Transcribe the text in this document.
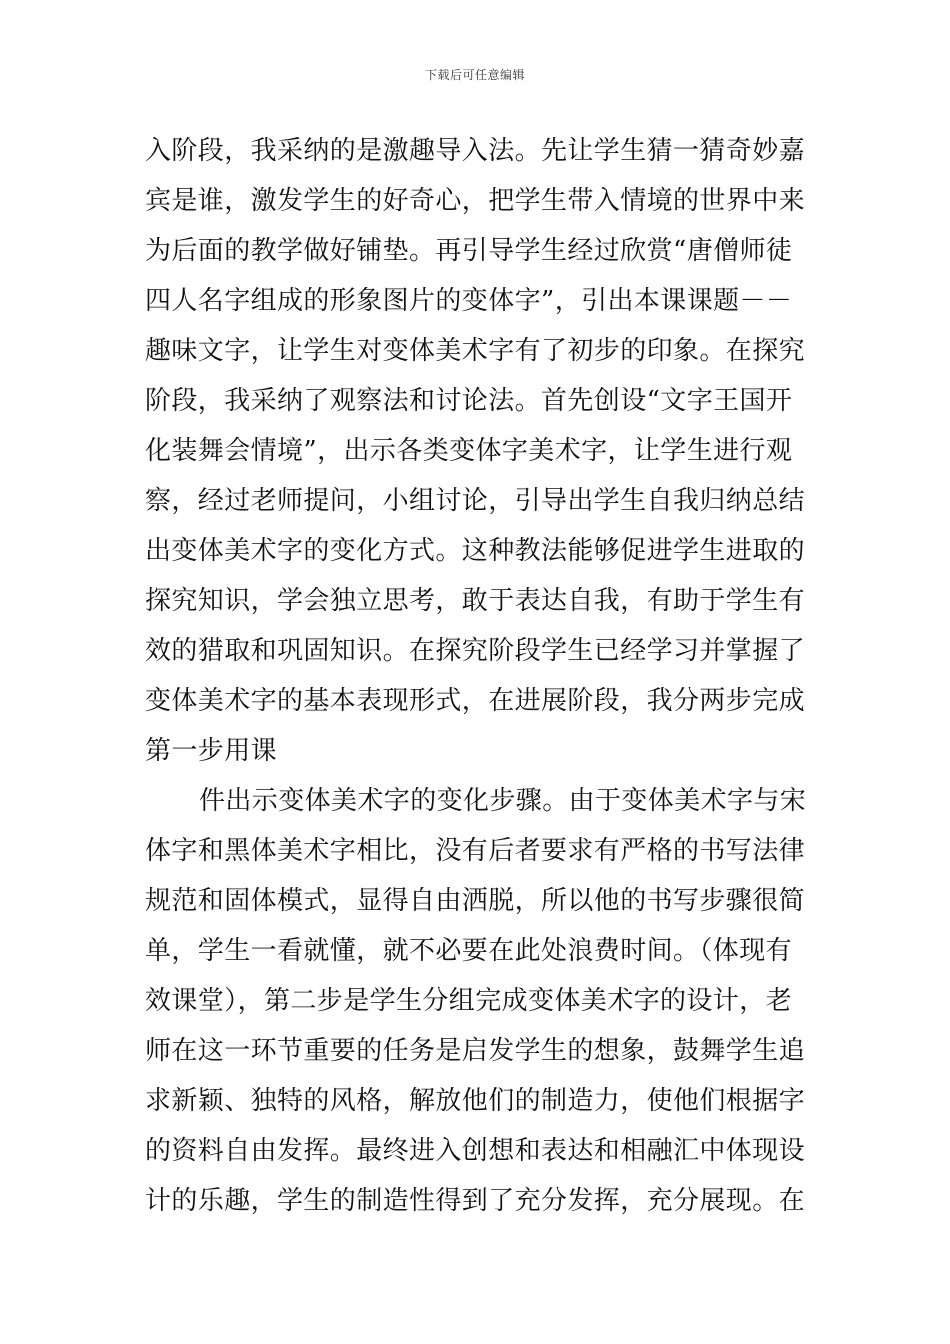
下载后可任意编辑
入阶段，我采纳的是激趣导入法。先让学生猜一猜奇妙嘉
宾是谁，激发学生的好奇心，把学生带入情境的世界中来
为后面的教学做好铺垫。再引导学生经过欣赏“唐僧师徒
四人名字组成的形象图片的变体字”，引出本课课题－－
趣味文字，让学生对变体美术字有了初步的印象。在探究
阶段，我采纳了观察法和讨论法。首先创设“文字王国开
化装舞会情境”，出示各类变体字美术字，让学生进行观
察，经过老师提问，小组讨论，引导出学生自我归纳总结
出变体美术字的变化方式。这种教法能够促进学生进取的
探究知识，学会独立思考，敢于表达自我，有助于学生有
效的猎取和巩固知识。在探究阶段学生已经学习并掌握了
变体美术字的基本表现形式，在进展阶段，我分两步完成
第一步用课
件出示变体美术字的变化步骤。由于变体美术字与宋
体字和黑体美术字相比，没有后者要求有严格的书写法律
规范和固体模式，显得自由洒脱，所以他的书写步骤很简
单，学生一看就懂，就不必要在此处浪费时间。（体现有
效课堂），第二步是学生分组完成变体美术字的设计，老
师在这一环节重要的任务是启发学生的想象，鼓舞学生追
求新颖、独特的风格，解放他们的制造力，使他们根据字
的资料自由发挥。最终进入创想和表达和相融汇中体现设
计的乐趣，学生的制造性得到了充分发挥，充分展现。在
